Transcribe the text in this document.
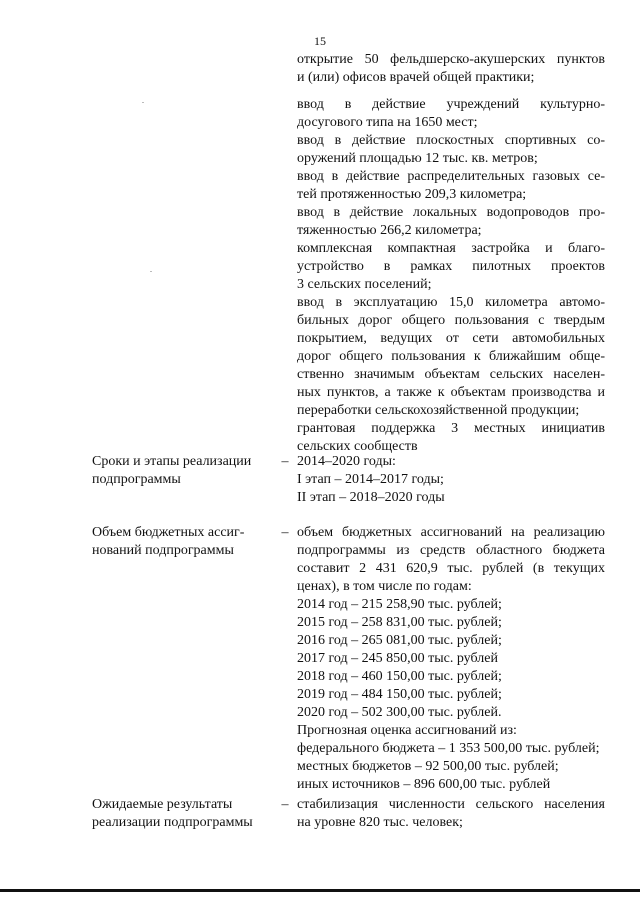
15
открытие 50 фельдшерско-акушерских пунктов
и (или) офисов врачей общей практики;
ввод в действие учреждений культурно-
досугового типа на 1650 мест;
ввод в действие плоскостных спортивных со-
оружений площадью 12 тыс. кв. метров;
ввод в действие распределительных газовых се-
тей протяженностью 209,3 километра;
ввод в действие локальных водопроводов про-
тяженностью 266,2 километра;
комплексная компактная застройка и благо-
устройство в рамках пилотных проектов
3 сельских поселений;
ввод в эксплуатацию 15,0 километра автомо-
бильных дорог общего пользования с твердым
покрытием, ведущих от сети автомобильных
дорог общего пользования к ближайшим обще-
ственно значимым объектам сельских населен-
ных пунктов, а также к объектам производства и
переработки сельскохозяйственной продукции;
грантовая поддержка 3 местных инициатив
сельских сообществ
Сроки и этапы реализации подпрограммы
– 2014–2020 годы:
I этап – 2014–2017 годы;
II этап – 2018–2020 годы
Объем бюджетных ассиг-нований подпрограммы
– объем бюджетных ассигнований на реализацию
подпрограммы из средств областного бюджета
составит 2 431 620,9 тыс. рублей (в текущих
ценах), в том числе по годам:
2014 год – 215 258,90 тыс. рублей;
2015 год – 258 831,00 тыс. рублей;
2016 год – 265 081,00 тыс. рублей;
2017 год – 245 850,00 тыс. рублей
2018 год – 460 150,00 тыс. рублей;
2019 год – 484 150,00 тыс. рублей;
2020 год – 502 300,00 тыс. рублей.
Прогнозная оценка ассигнований из:
федерального бюджета – 1 353 500,00 тыс. рублей;
местных бюджетов – 92 500,00 тыс. рублей;
иных источников – 896 600,00 тыс. рублей
Ожидаемые результаты реализации подпрограммы
– стабилизация численности сельского населения
на уровне 820 тыс. человек;
